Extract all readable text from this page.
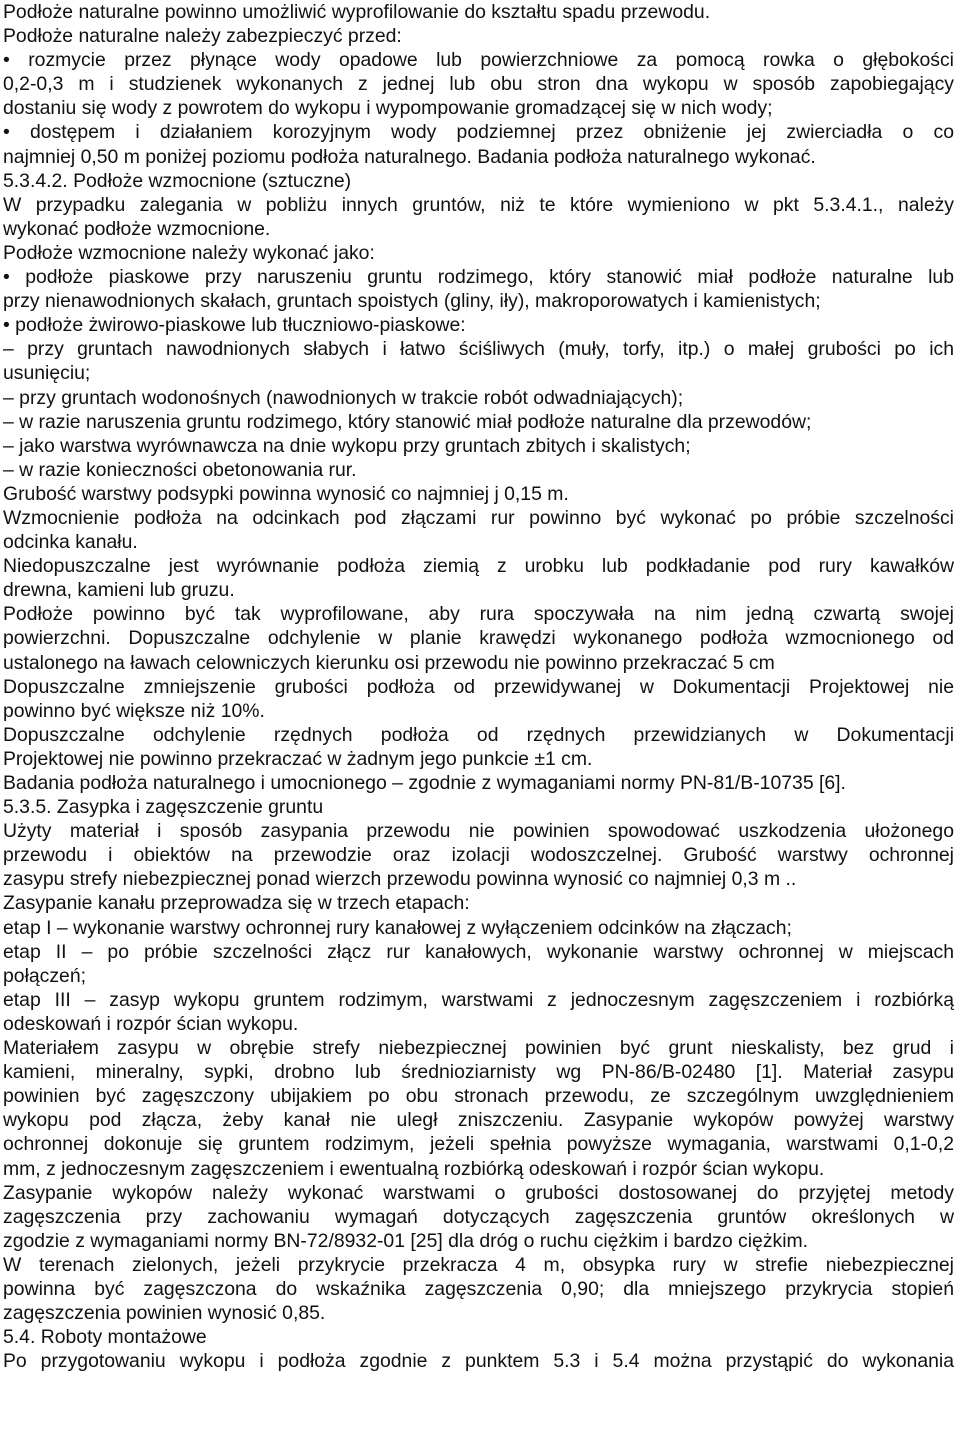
Podłoże naturalne powinno umożliwić wyprofilowanie do kształtu spadu przewodu.
Podłoże naturalne należy zabezpieczyć przed:
• rozmycie przez płynące wody opadowe lub powierzchniowe za pomocą rowka o głębokości
0,2-0,3 m i studzienek wykonanych z jednej lub obu stron dna wykopu w sposób zapobiegający
dostaniu się wody z powrotem do wykopu i wypompowanie gromadzącej się w nich wody;
• dostępem i działaniem korozyjnym wody podziemnej przez obniżenie jej zwierciadła o co
najmniej 0,50 m poniżej poziomu podłoża naturalnego. Badania podłoża naturalnego wykonać.
5.3.4.2. Podłoże wzmocnione (sztuczne)
W przypadku zalegania w pobliżu innych gruntów, niż te które wymieniono w pkt 5.3.4.1., należy
wykonać podłoże wzmocnione.
Podłoże wzmocnione należy wykonać jako:
• podłoże piaskowe przy naruszeniu gruntu rodzimego, który stanowić miał podłoże naturalne lub
przy nienawodnionych skałach, gruntach spoistych (gliny, iły), makroporowatych i kamienistych;
• podłoże żwirowo-piaskowe lub tłuczniowo-piaskowe:
– przy gruntach nawodnionych słabych i łatwo ściśliwych (muły, torfy, itp.) o małej grubości po ich
usunięciu;
– przy gruntach wodonośnych (nawodnionych w trakcie robót odwadniających);
– w razie naruszenia gruntu rodzimego, który stanowić miał podłoże naturalne dla przewodów;
– jako warstwa wyrównawcza na dnie wykopu przy gruntach zbitych i skalistych;
– w razie konieczności obetonowania rur.
Grubość warstwy podsypki powinna wynosić co najmniej j 0,15 m.
Wzmocnienie podłoża na odcinkach pod złączami rur powinno być wykonać po próbie szczelności
odcinka kanału.
Niedopuszczalne jest wyrównanie podłoża ziemią z urobku lub podkładanie pod rury kawałków
drewna, kamieni lub gruzu.
Podłoże powinno być tak wyprofilowane, aby rura spoczywała na nim jedną czwartą swojej
powierzchni. Dopuszczalne odchylenie w planie krawędzi wykonanego podłoża wzmocnionego od
ustalonego na ławach celowniczych kierunku osi przewodu nie powinno przekraczać 5 cm
Dopuszczalne zmniejszenie grubości podłoża od przewidywanej w Dokumentacji Projektowej nie
powinno być większe niż 10%.
Dopuszczalne odchylenie rzędnych podłoża od rzędnych przewidzianych w Dokumentacji
Projektowej nie powinno przekraczać w żadnym jego punkcie ±1 cm.
Badania podłoża naturalnego i umocnionego – zgodnie z wymaganiami normy PN-81/B-10735 [6].
5.3.5. Zasypka i zagęszczenie gruntu
Użyty materiał i sposób zasypania przewodu nie powinien spowodować uszkodzenia ułożonego
przewodu i obiektów na przewodzie oraz izolacji wodoszczelnej. Grubość warstwy ochronnej
zasypu strefy niebezpiecznej ponad wierzch przewodu powinna wynosić co najmniej 0,3 m ..
Zasypanie kanału przeprowadza się w trzech etapach:
etap I – wykonanie warstwy ochronnej rury kanałowej z wyłączeniem odcinków na złączach;
etap II – po próbie szczelności złącz rur kanałowych, wykonanie warstwy ochronnej w miejscach
połączeń;
etap III – zasyp wykopu gruntem rodzimym, warstwami z jednoczesnym zagęszczeniem i rozbiórką
odeskowań i rozpór ścian wykopu.
Materiałem zasypu w obrębie strefy niebezpiecznej powinien być grunt nieskalisty, bez grud i
kamieni, mineralny, sypki, drobno lub średnioziarnisty wg PN-86/B-02480 [1]. Materiał zasypu
powinien być zagęszczony ubijakiem po obu stronach przewodu, ze szczególnym uwzględnieniem
wykopu pod złącza, żeby kanał nie uległ zniszczeniu. Zasypanie wykopów powyżej warstwy
ochronnej dokonuje się gruntem rodzimym, jeżeli spełnia powyższe wymagania, warstwami 0,1-0,2
mm, z jednoczesnym zagęszczeniem i ewentualną rozbiórką odeskowań i rozpór ścian wykopu.
Zasypanie wykopów należy wykonać warstwami o grubości dostosowanej do przyjętej metody
zagęszczenia przy zachowaniu wymagań dotyczących zagęszczenia gruntów określonych w
zgodzie z wymaganiami normy BN-72/8932-01 [25] dla dróg o ruchu ciężkim i bardzo ciężkim.
W terenach zielonych, jeżeli przykrycie przekracza 4 m, obsypka rury w strefie niebezpiecznej
powinna być zagęszczona do wskaźnika zagęszczenia 0,90; dla mniejszego przykrycia stopień
zagęszczenia powinien wynosić 0,85.
5.4. Roboty montażowe
Po przygotowaniu wykopu i podłoża zgodnie z punktem 5.3 i 5.4 można przystąpić do wykonania
